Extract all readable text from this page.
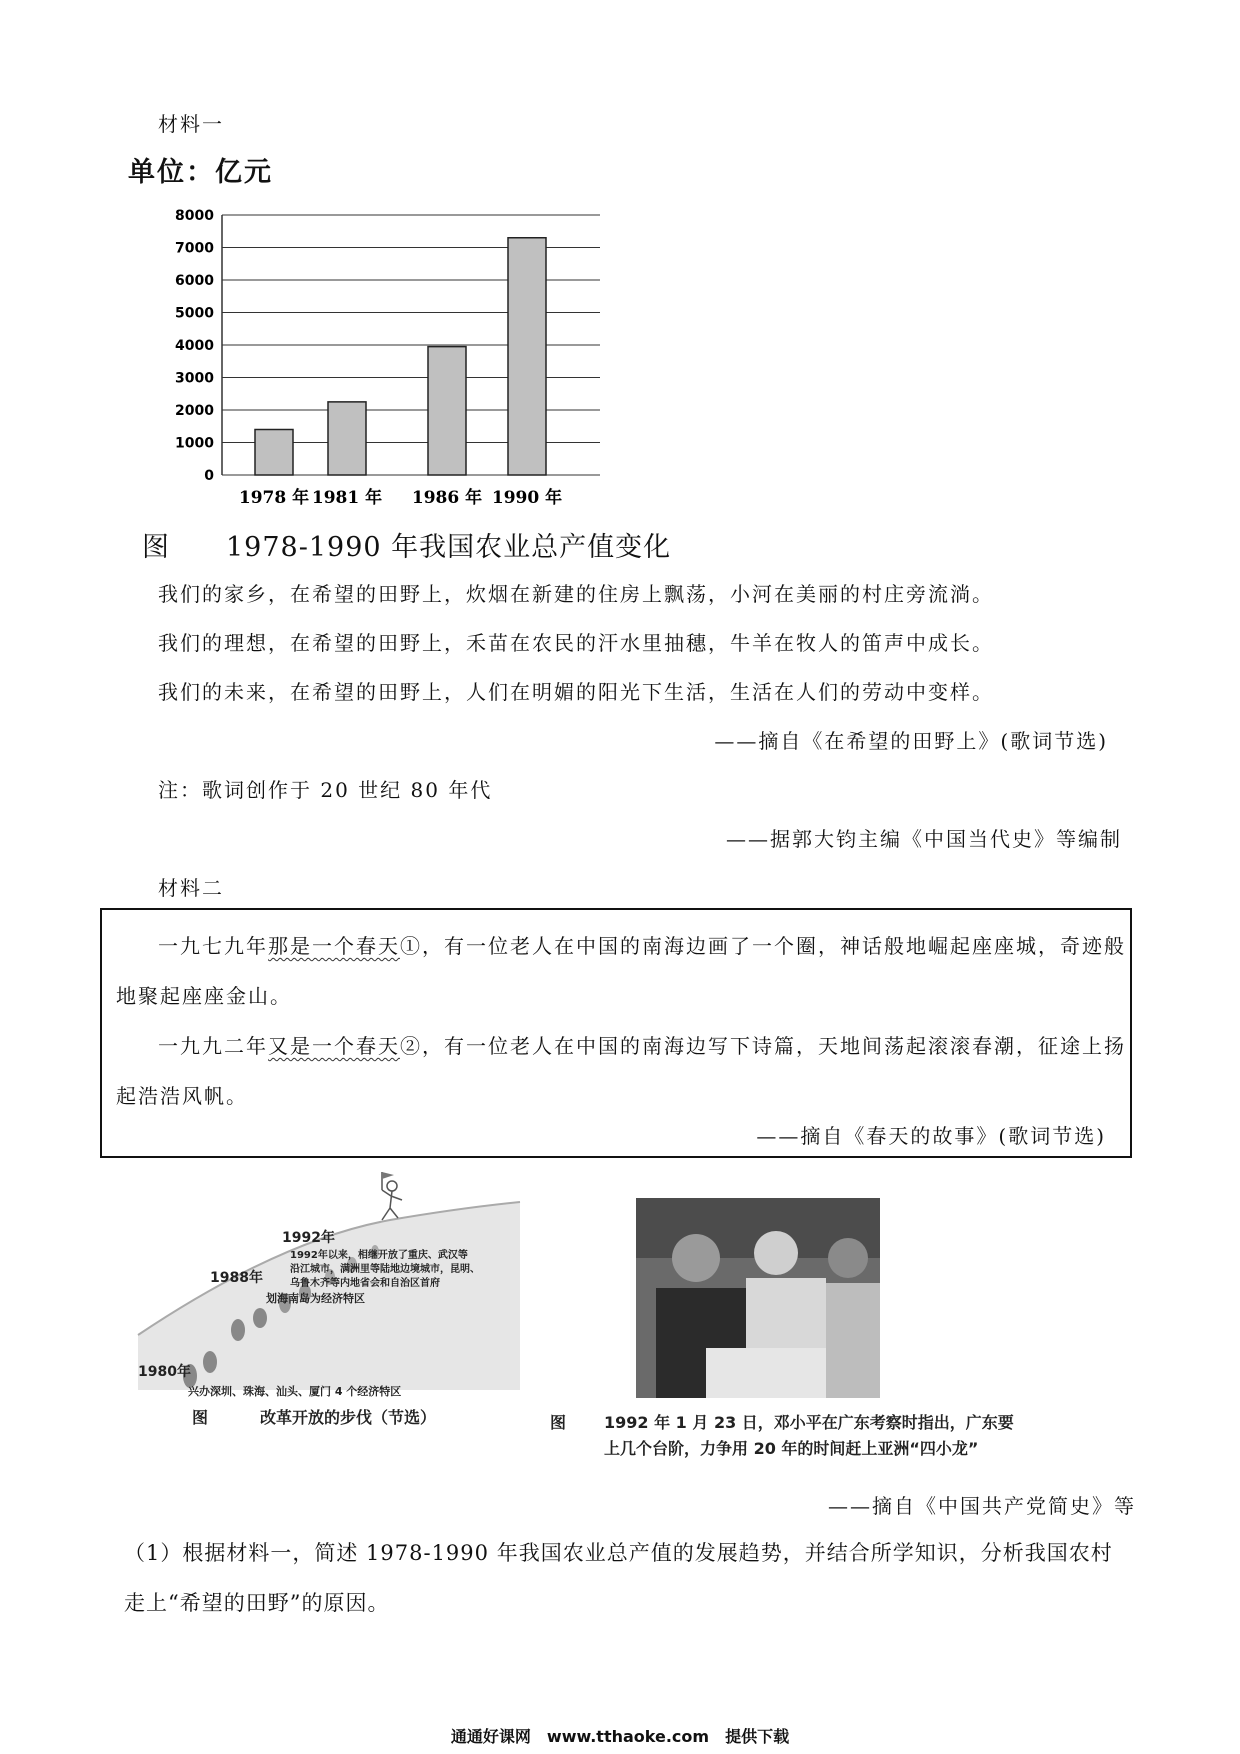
材料一
单位：亿元
0
1000
2000
3000
4000
5000
6000
7000
8000
1978 年 1981 年 1986 年 1990 年
图　　1978-1990 年我国农业总产值变化
我们的家乡，在希望的田野上，炊烟在新建的住房上飘荡，小河在美丽的村庄旁流淌。
我们的理想，在希望的田野上，禾苗在农民的汗水里抽穗，牛羊在牧人的笛声中成长。
我们的未来，在希望的田野上，人们在明媚的阳光下生活，生活在人们的劳动中变样。
——摘自《在希望的田野上》(歌词节选)
注：歌词创作于 20 世纪 80 年代
——据郭大钧主编《中国当代史》等编制
材料二
一九七九年那是一个春天①，有一位老人在中国的南海边画了一个圈，神话般地崛起座座城，奇迹般
地聚起座座金山。
一九九二年又是一个春天②，有一位老人在中国的南海边写下诗篇，天地间荡起滚滚春潮，征途上扬
起浩浩风帆。
——摘自《春天的故事》(歌词节选)
1992年
1992年以来，相继开放了重庆、武汉等
沿江城市，满洲里等陆地边境城市，昆明、
乌鲁木齐等内地省会和自治区首府
1988年
划海南岛为经济特区
1980年
兴办深圳、珠海、汕头、厦门 4 个经济特区
图	改革开放的步伐（节选）	图 1992 年 1 月 23 日，邓小平在广东考察时指出，广东要
上几个台阶，力争用 20 年的时间赶上亚洲“四小龙”
——摘自《中国共产党简史》等
（1）根据材料一，简述 1978-1990 年我国农业总产值的发展趋势，并结合所学知识，分析我国农村走上“希望的田野”的原因。
通通好课网　www.tthaoke.com　提供下载
